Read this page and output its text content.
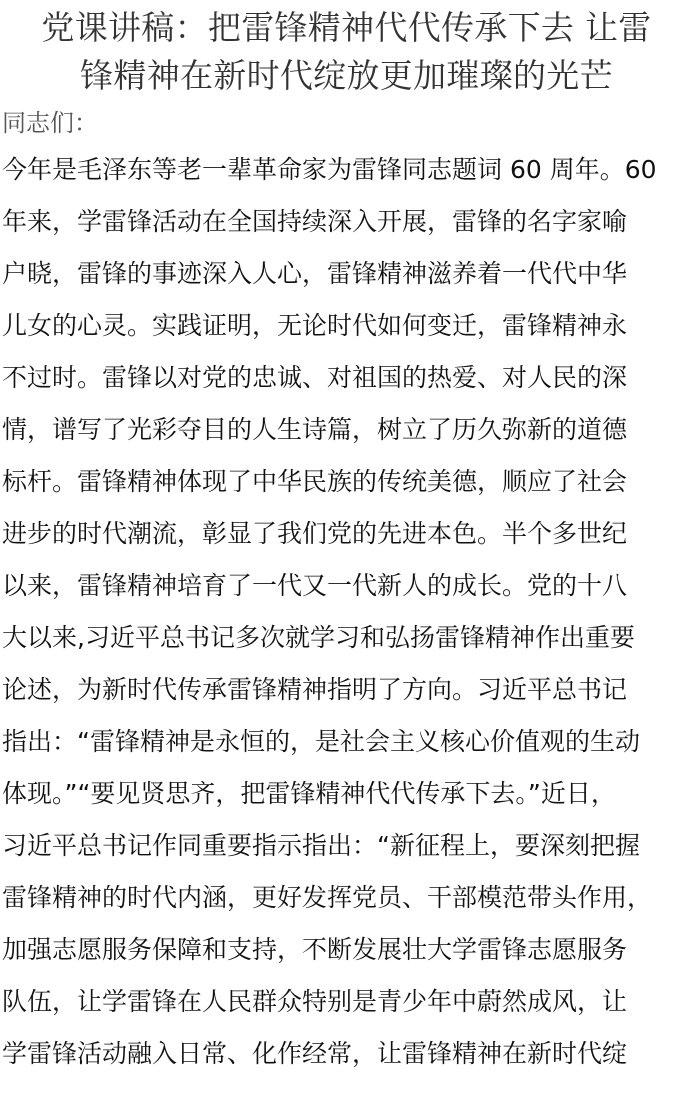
党课讲稿：把雷锋精神代代传承下去 让雷
锋精神在新时代绽放更加璀璨的光芒

同志们：

今年是毛泽东等老一辈革命家为雷锋同志题词 60 周年。60
年来，学雷锋活动在全国持续深入开展，雷锋的名字家喻
户晓，雷锋的事迹深入人心，雷锋精神滋养着一代代中华
儿女的心灵。实践证明，无论时代如何变迁，雷锋精神永
不过时。雷锋以对党的忠诚、对祖国的热爱、对人民的深
情，谱写了光彩夺目的人生诗篇，树立了历久弥新的道德
标杆。雷锋精神体现了中华民族的传统美德，顺应了社会
进步的时代潮流，彰显了我们党的先进本色。半个多世纪
以来，雷锋精神培育了一代又一代新人的成长。党的十八
大以来,习近平总书记多次就学习和弘扬雷锋精神作出重要
论述，为新时代传承雷锋精神指明了方向。习近平总书记
指出：“雷锋精神是永恒的，是社会主义核心价值观的生动
体现。”“要见贤思齐，把雷锋精神代代传承下去。”近日，
习近平总书记作同重要指示指出：“新征程上，要深刻把握
雷锋精神的时代内涵，更好发挥党员、干部模范带头作用，
加强志愿服务保障和支持，不断发展壮大学雷锋志愿服务
队伍，让学雷锋在人民群众特别是青少年中蔚然成风，让
学雷锋活动融入日常、化作经常，让雷锋精神在新时代绽
